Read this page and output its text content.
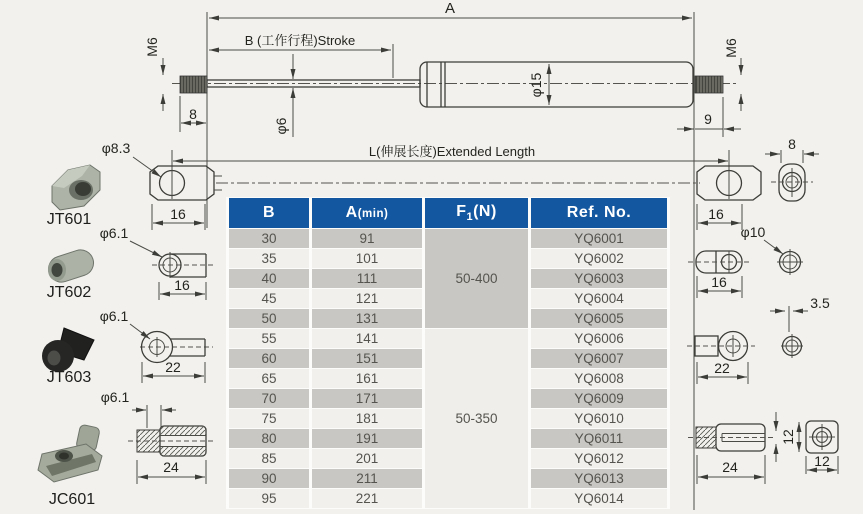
A
B (工作行程)Stroke
M6
φ6
φ15
8
M6
9
L(伸展长度)Extended Length
16
φ8.3
16
8
16
φ10
22
3.5
24
12
12
JT601
φ6.1
16
JT602
φ6.1
22
JT603
φ6.1
24
JC601
B	A(min)	$F_1(N)$	Ref. No.
30	91	50-400	YQ6001
35	101		YQ6002
40	111		YQ6003
45	121		YQ6004
50	131		YQ6005
55	141	50-350	YQ6006
60	151		YQ6007
65	161		YQ6008
70	171		YQ6009
75	181		YQ6010
80	191		YQ6011
85	201		YQ6012
90	211		YQ6013
95	221		YQ6014
